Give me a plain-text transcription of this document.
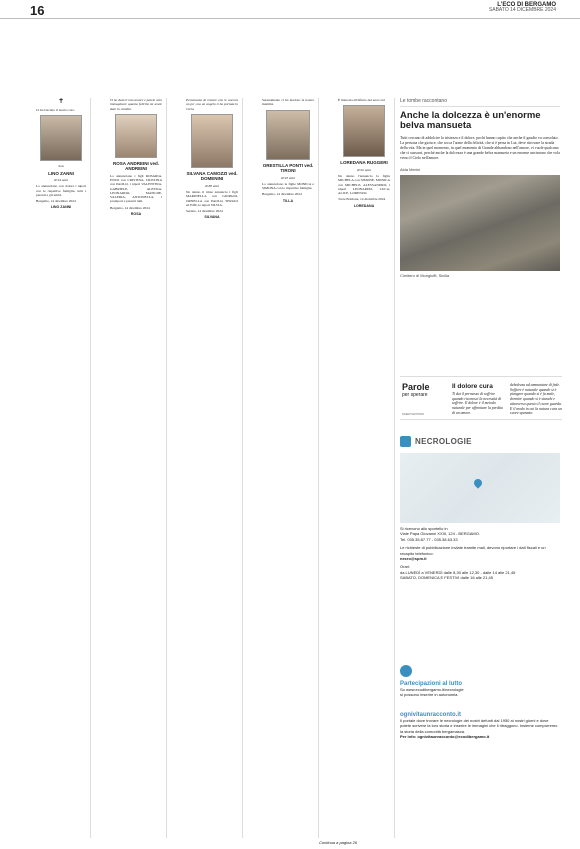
16	L'ECO DI BERGAMO
SABATO 14 DICEMBRE 2024
✝

Ci ha lasciato il nostro caro

don

LINO ZANNI

di 94 anni

Lo annunciano con dolore i nipoti con le rispettive famiglie, tutti i parenti e gli amici.

Bergamo, 14 dicembre 2024

LINO ZANNI

Vi ho dato il mio amore e potete solo immaginare quanta felicità mi avete dato in cambio.

ROSA ANDREINI ved. ANDREINI

Lo annunciano i figli ROSARIA, ENZO con CRISTINA, CRISTINA con PAOLO, i nipoti VALENTINA, GABRIELE, ALESSIA, LEONARDO, MATILDE, VALERIA, ANTONELLA, i pronipoti e parenti tutti.

Bergamo, 14 dicembre 2024

ROSA

Pensavamo di restare con te ancora un po', ma un angelo ti ha portata in Cielo.

SILVANA CAMOZZI ved. DOMENINI

di 88 anni

Ne danno il triste annuncio i figli MARINELLA con GIORGIO, ORNELLA con PAOLO, SERGIO ed EMI, le nipoti SILVIA.

Seriate, 14 dicembre 2024

SILVANA

Serenamente ci ha lasciato la nostra mamma

ORESTILLA PONTI ved. TIRONI

di 93 anni

Lo annunciano le figlie MONICA e SIMONA con le rispettive famiglie.

Bergamo, 14 dicembre 2024

TILLA

È mancata all'affetto dei suoi cari

LOREDANA RUGGERI

di 62 anni

Ne danno l'annuncio la figlia MICHELA con SIMONE, MONICA con MICHELE, ALESSANDRO, i nipoti LEONARDO, LUCA, ALICE, LORENZO.

Torre Boldone, 14 dicembre 2024

LOREDANA
Continua a pagina 26
Le tombe raccontano
Anche la dolcezza è un'enorme belva mansueta
Tutti cercano di addolcire la tristezza e il dolore, pochi hanno capito che anche il gaudio va consolato. La persona che gioisce, che tocca l'acme della felicità, che si è persa in Lui, deve ritrovare la strada della vita. Ma in quel momento, in quel momento di Grande abbandono nell'amore, vi vuole qualcuno che ci sussurri, perché anche la dolcezza è una grande belva mansueta e un enorme uncinorno che vola verso il Cielo nell'amore.
Alda Merini
Cimitero di Mongiuffi, Sicilia
Parole
per sperare
NOEMI SANTORO
Il dolore cura
Ti dai il permesso di soffrire quando riconosci la necessità di soffrire. Il dolore è il metodo naturale per affrontare la perdita di un amore.
debolezza ad ammantare di fede. Soffrire è naturale quando si è piangere quando si è fa male, dormire quando si è stanchi e attraverso questo il cuore guarda. E il modo in cui la natura cura un cuore spezzato.
NECROLOGIE
Si ricevono allo sportello in
Viale Papa Giovanni XXIII, 124 - BERGAMO.
Tel. 035.35.87.77 - 035.38.63.33
Le richieste di pubblicazione inviate tramite mail, devono riportare i dati fiscali e un recapito telefonico:
necro@spm.it
Orari:
da LUNEDÌ a VENERDÌ dalle 8,30 alle 12,30 - dalle 14 alle 21,45
SABATO, DOMENICA E FESTIVI dalle 16 alle 21,45
Partecipazioni al lutto
Su www.ecodibergamo.it/necrologie
si possono inserire in autonomia.
ognivitaunracconto.it
Il portale dove trovare le necrologie dei nostri defunti dal 1950 ai nostri giorni e dove potete scrivere la loro storia e inserire le immagini che li ritraggono. Insieme comporremo la storia della comunità bergamasca.
Per info: ognivitaunracconto@ecodibergamo.it
